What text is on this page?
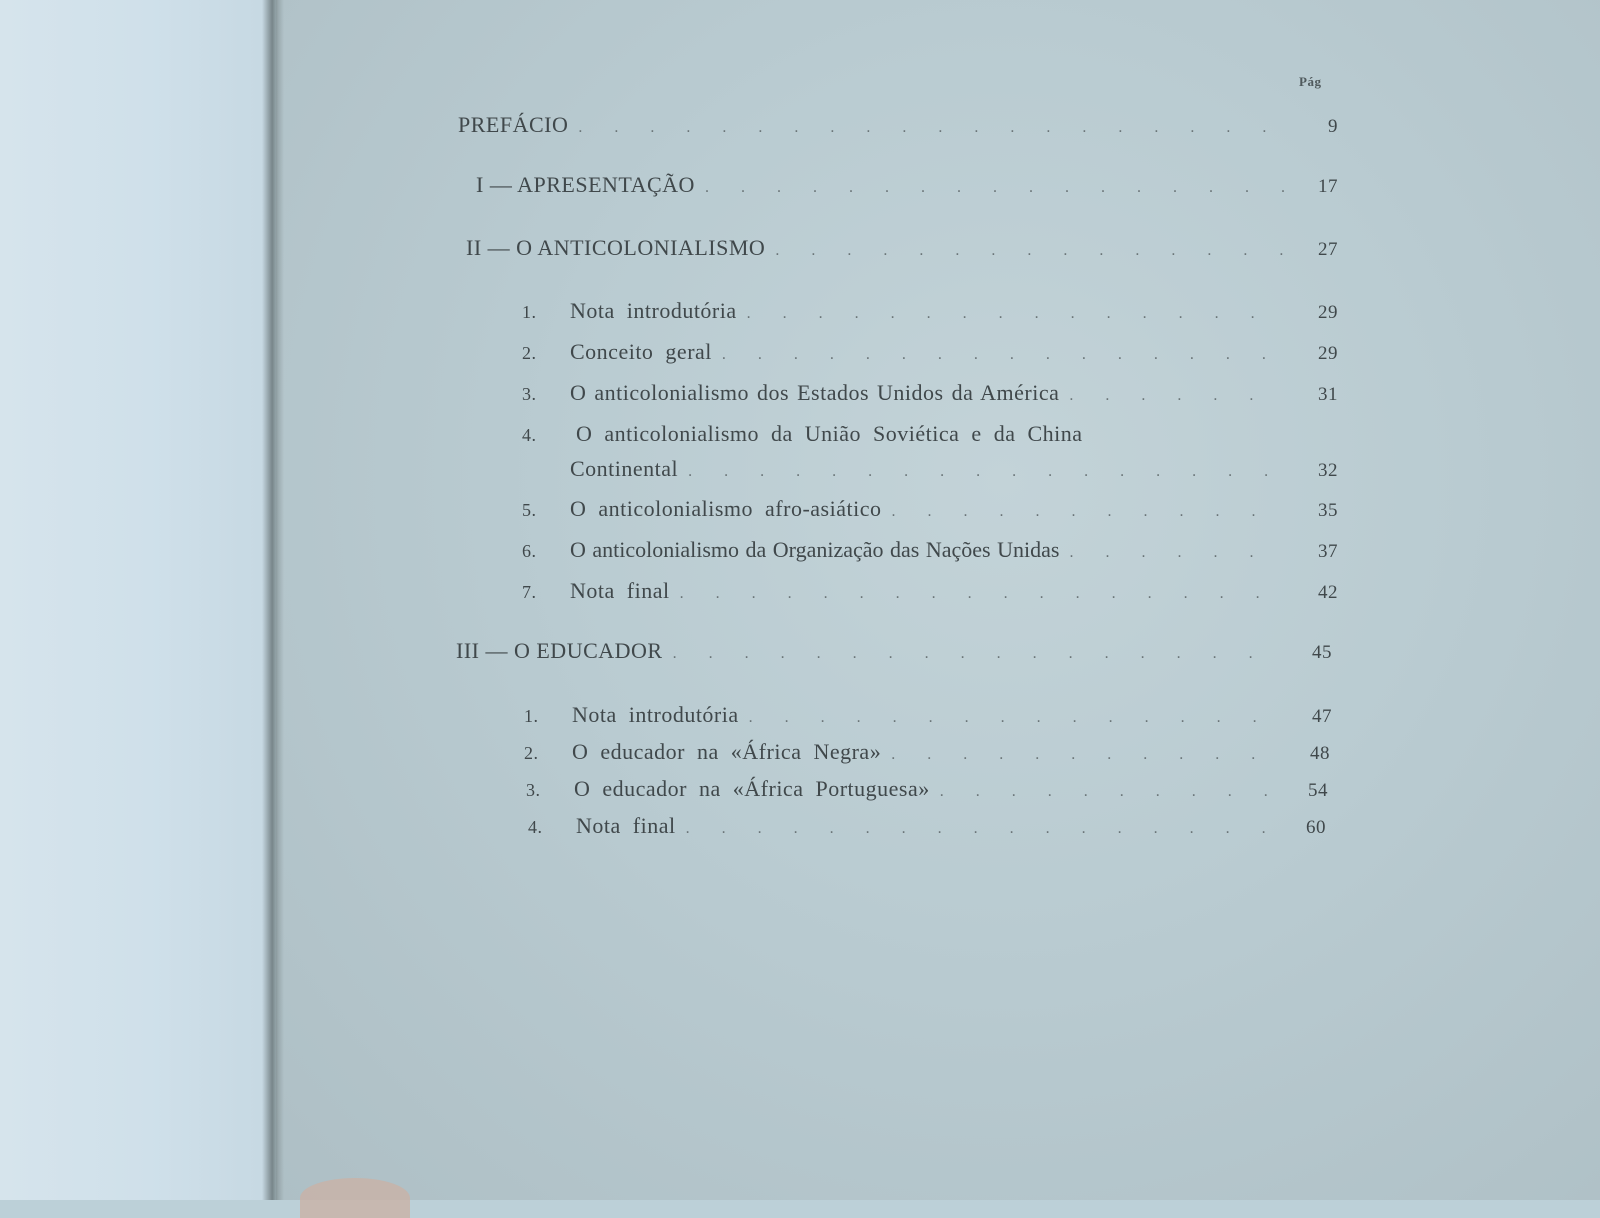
Pág
PREFÁCIO . . .	9
I — APRESENTAÇÃO . . .	17
II — O ANTICOLONIALISMO . . .	27
1.	Nota introdutória . . .	29
2.	Conceito geral . . .	29
3.	O anticolonialismo dos Estados Unidos da América . . .	31
4. O anticolonialismo da União Soviética e da China
Continental . . .	32
5.	O anticolonialismo afro-asiático . . .	35
6.	O anticolonialismo da Organização das Nações Unidas . . .	37
7.	Nota final . . .	42
III — O EDUCADOR . . .	45
1.	Nota introdutória . . .	47
2.	O educador na «África Negra» . . .	48
3.	O educador na «África Portuguesa» . . .	54
4.	Nota final . . .	60
